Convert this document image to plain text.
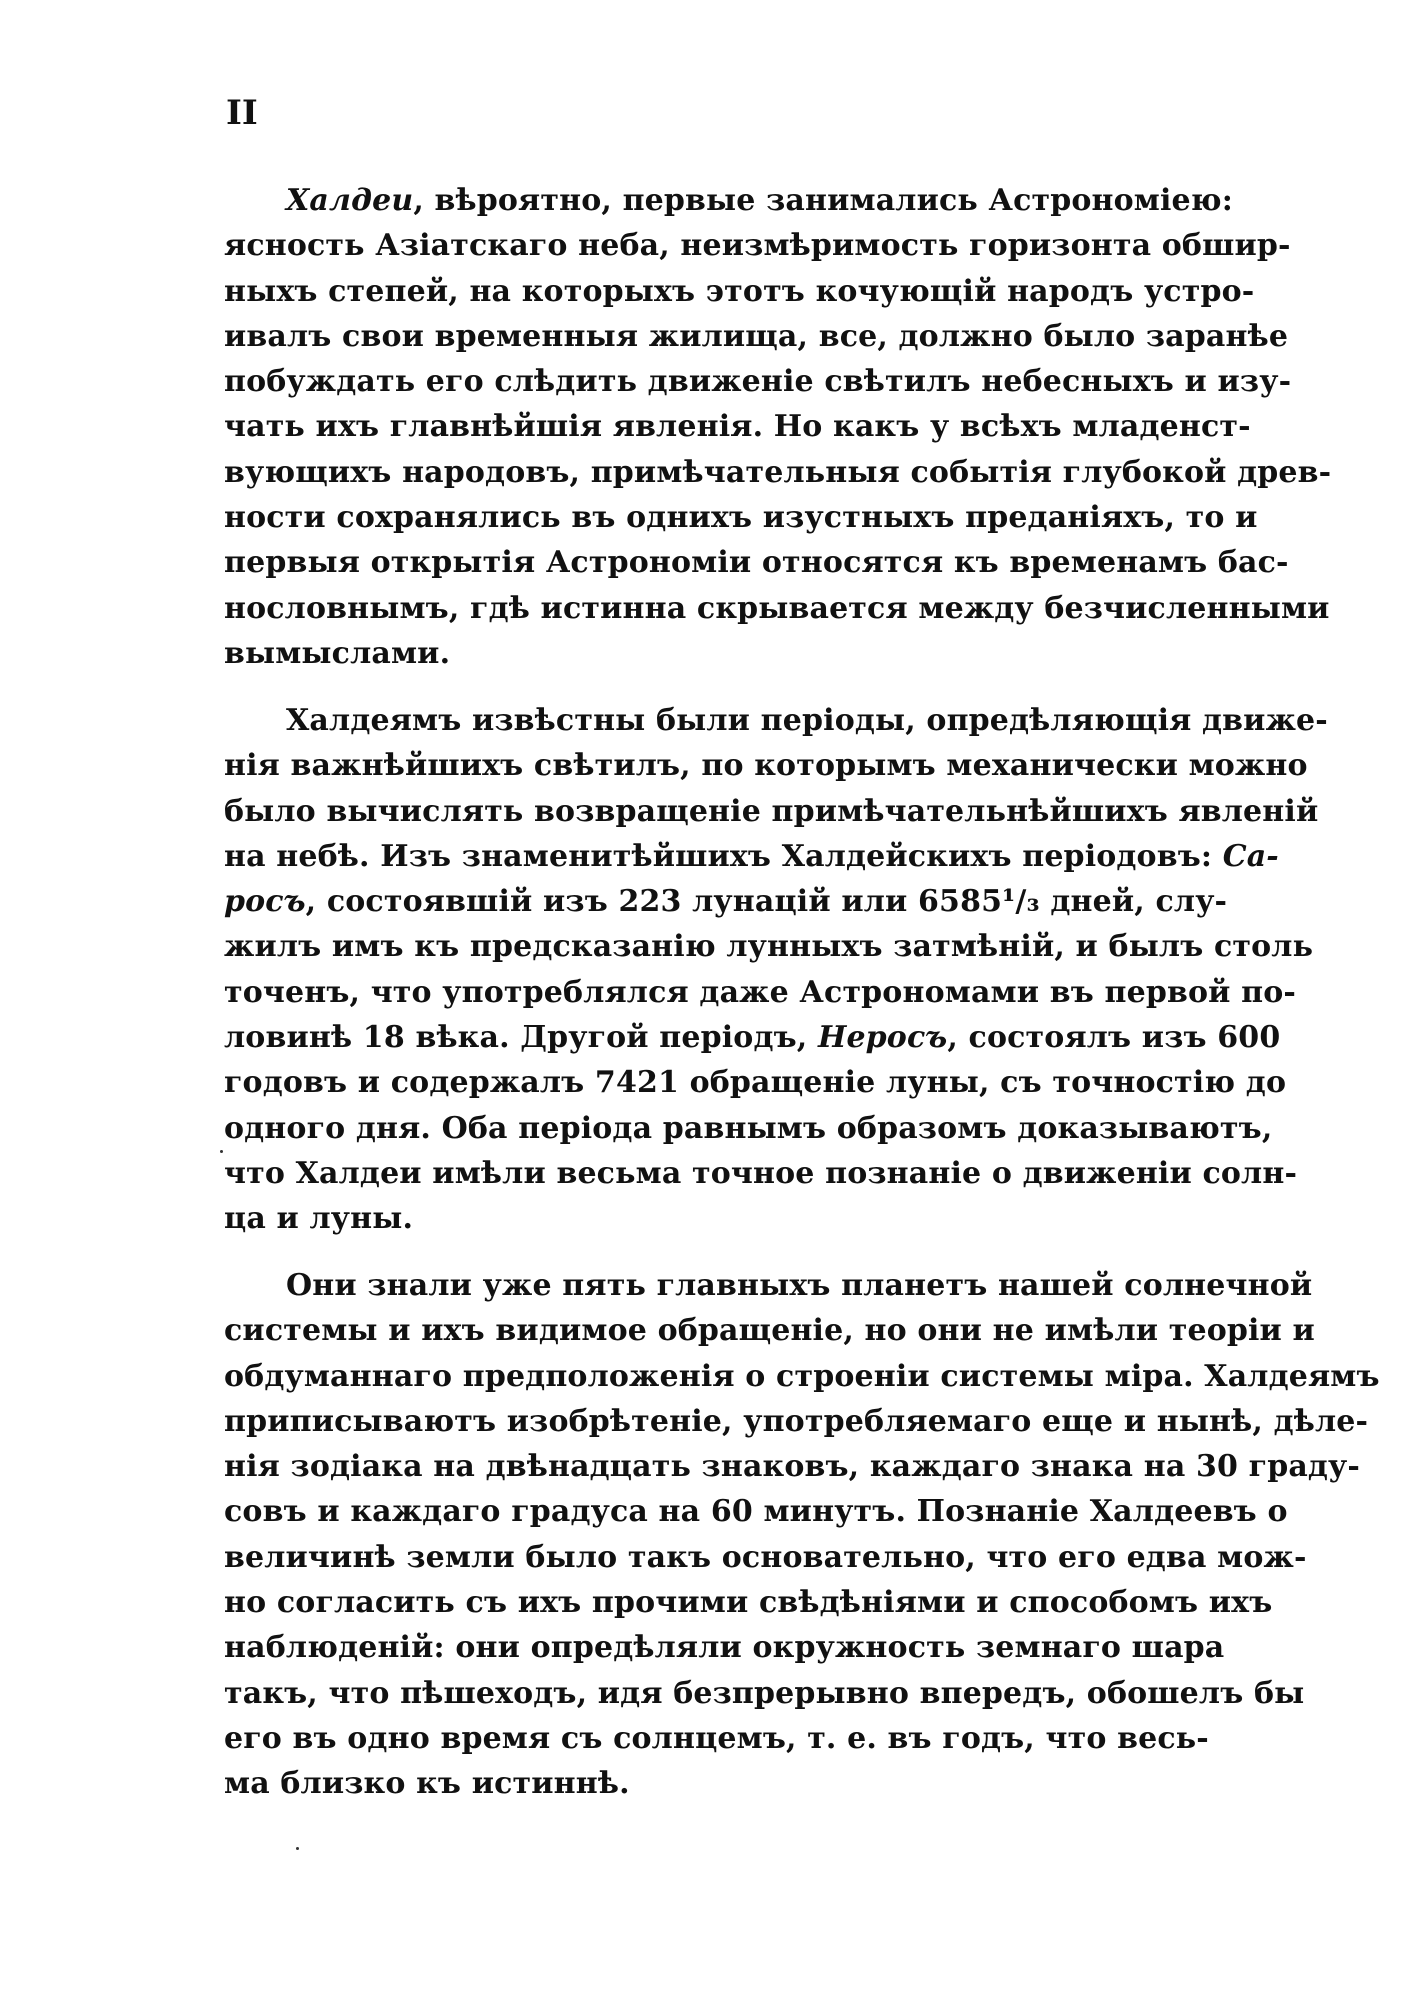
II
Халдеи, вѣроятно, первые занимались Астрономіею:
ясность Азіатскаго неба, неизмѣримость горизонта обшир-
ныхъ степей, на которыхъ этотъ кочующій народъ устро-
ивалъ свои временныя жилища, все, должно было заранѣе
побуждать его слѣдить движеніе свѣтилъ небесныхъ и изу-
чать ихъ главнѣйшія явленія. Но какъ у всѣхъ младенст-
вующихъ народовъ, примѣчательныя событія глубокой древ-
ности сохранялись въ однихъ изустныхъ преданіяхъ, то и
первыя открытія Астрономіи относятся къ временамъ бас-
нословнымъ, гдѣ истинна скрывается между безчисленными
вымыслами.
Халдеямъ извѣстны были періоды, опредѣляющія движе-
нія важнѣйшихъ свѣтилъ, по которымъ механически можно
было вычислять возвращеніе примѣчательнѣйшихъ явленій
на небѣ. Изъ знаменитѣйшихъ Халдейскихъ періодовъ: Са-
росъ, состоявшій изъ 223 лунацій или 6585¹/₃ дней, слу-
жилъ имъ къ предсказанію лунныхъ затмѣній, и былъ столь
точенъ, что употреблялся даже Астрономами въ первой по-
ловинѣ 18 вѣка. Другой періодъ, Неросъ, состоялъ изъ 600
годовъ и содержалъ 7421 обращеніе луны, съ точностію до
одного дня. Оба періода равнымъ образомъ доказываютъ,
что Халдеи имѣли весьма точное познаніе о движеніи солн-
ца и луны.
Они знали уже пять главныхъ планетъ нашей солнечной
системы и ихъ видимое обращеніе, но они не имѣли теоріи и
обдуманнаго предположенія о строеніи системы міра. Халдеямъ
приписываютъ изобрѣтеніе, употребляемаго еще и нынѣ, дѣле-
нія зодіака на двѣнадцать знаковъ, каждаго знака на 30 граду-
совъ и каждаго градуса на 60 минутъ. Познаніе Халдеевъ о
величинѣ земли было такъ основательно, что его едва мож-
но согласить съ ихъ прочими свѣдѣніями и способомъ ихъ
наблюденій: они опредѣляли окружность земнаго шара
такъ, что пѣшеходъ, идя безпрерывно впередъ, обошелъ бы
его въ одно время съ солнцемъ, т. е. въ годъ, что весь-
ма близко къ истиннѣ.
